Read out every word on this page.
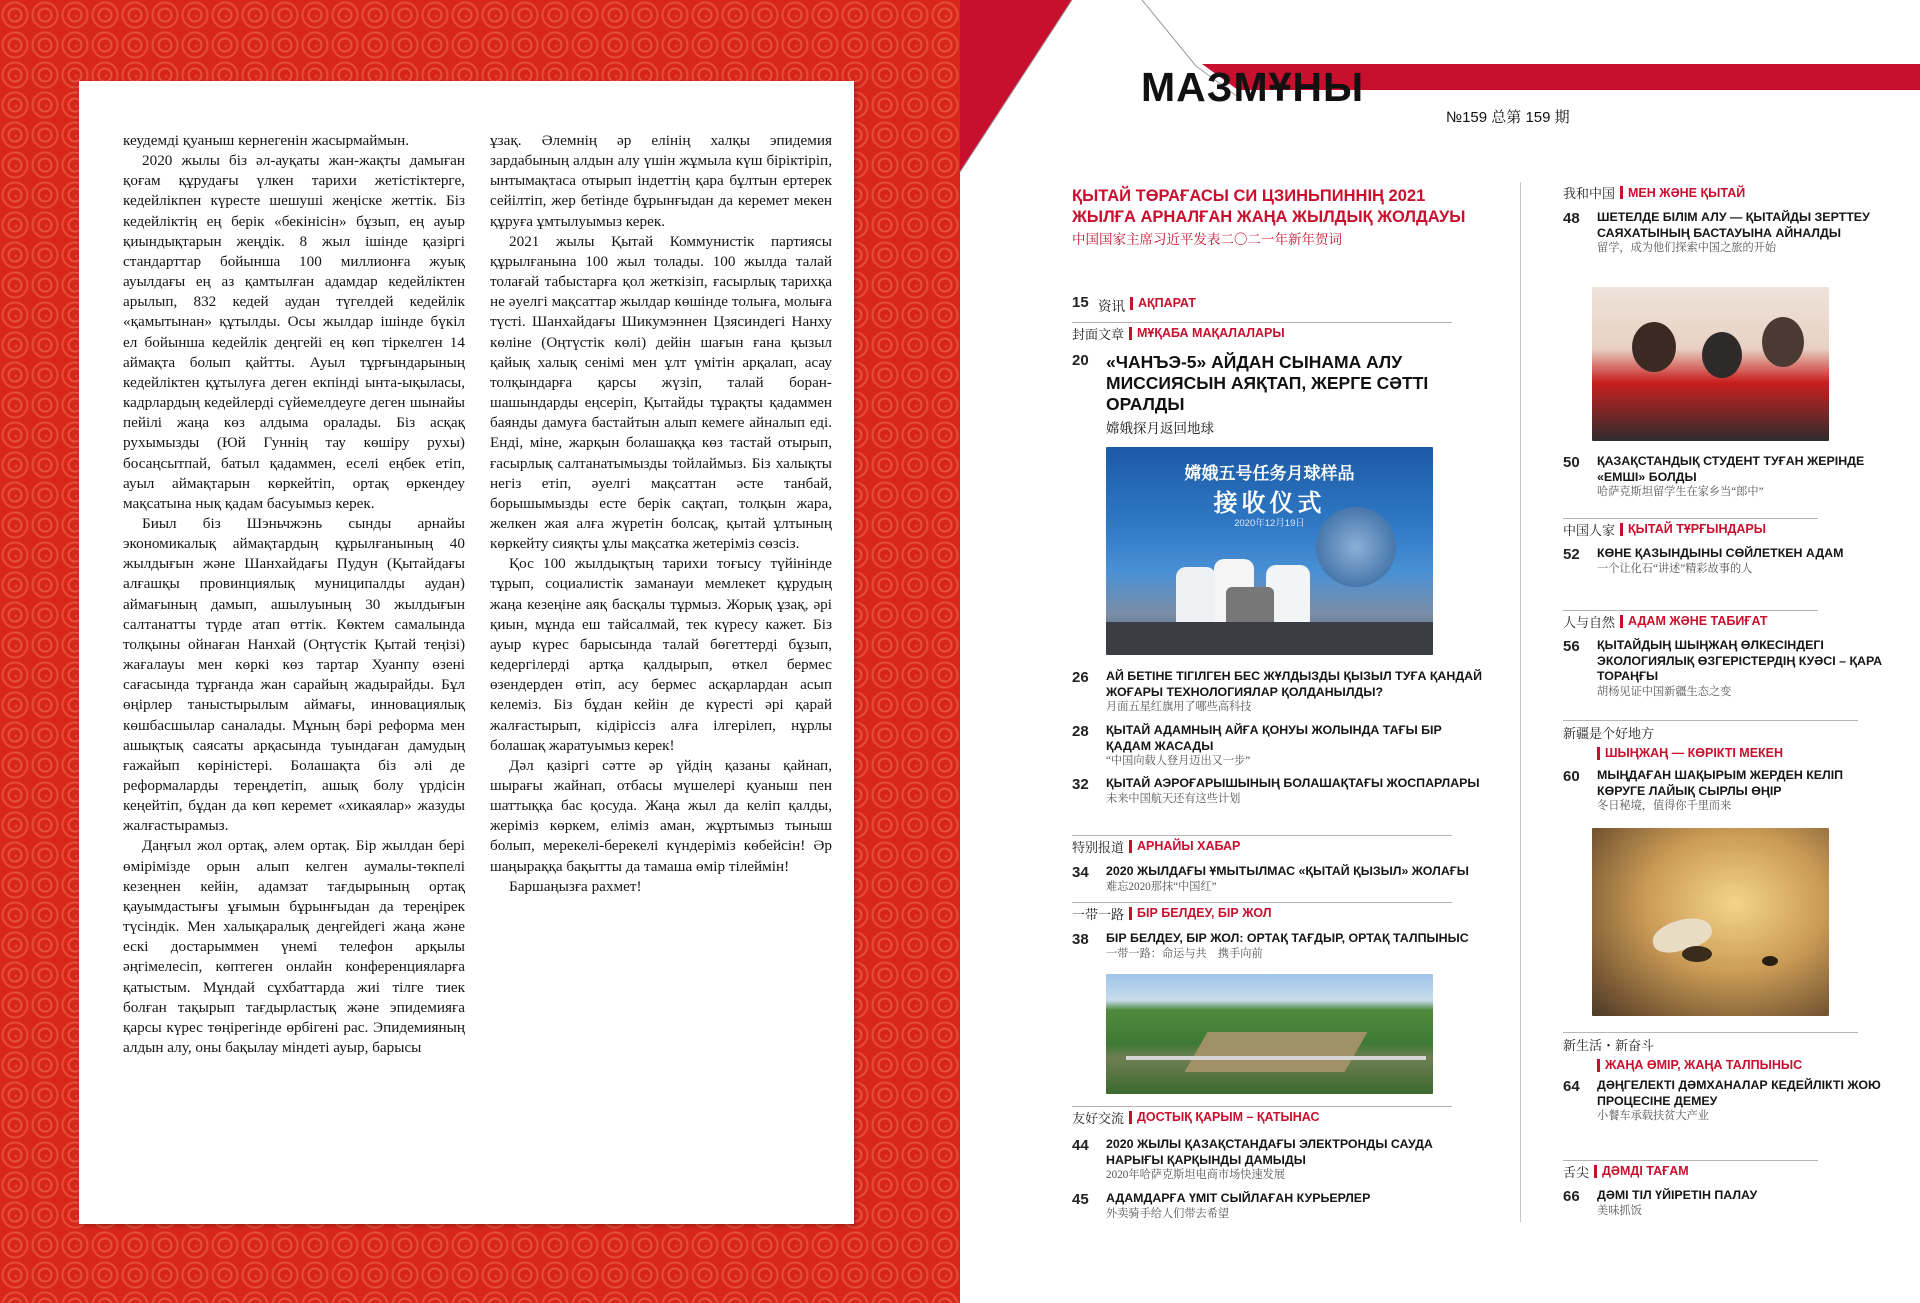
кеудемді қуаныш кернегенін жасырмаймын.

2020 жылы біз әл-ауқаты жан-жақты дамыған қоғам құрудағы үлкен тарихи жетістіктерге, кедейлікпен күресте шешуші жеңіске жеттік. Біз кедейліктің ең берік «бекініcін» бұзып, ең ауыр қиындықтарын жеңдік. 8 жыл ішінде қазіргі стандарттар бойынша 100 миллионға жуық ауылдағы ең аз қамтылған адамдар кедейліктен арылып, 832 кедей аудан түгелдей кедейлік «қамытынан» құтылды. Осы жылдар ішінде бүкіл ел бойынша кедейлік деңгейі ең көп тіркелген 14 аймақта болып қайтты. Ауыл тұрғындарының кедейліктен құтылуға деген екпінді ынта-ықыласы, кадрлардың кедейлерді сүйемелдеуге деген шынайы пейілі жаңа көз алдыма оралады. Біз асқақ рухымызды (Юй Гуннің тау көшіру рухы) босаңсытпай, батыл қадаммен, еселі еңбек етіп, ауыл аймақтарын көркейтіп, ортақ өркендеу мақсатына нық қадам басуымыз керек.

Биыл біз Шэньчжэнь сынды арнайы экономикалық аймақтардың құрылғанының 40 жылдығын және Шанхайдағы Пудун (Қытайдағы алғашқы провинциялық муниципалды аудан) аймағының дамып, ашылуының 30 жылдығын салтанатты түрде атап өттік. Көктем самалында толқыны ойнаған Нанхай (Оңтүстік Қытай теңізі) жағалауы мен көркі көз тартар Хуанпу өзені сағасында тұрғанда жан сарайың жадырайды. Бұл өңірлер таныстырылым аймағы, инновациялық көшбасшылар саналады. Мұның бәрі реформа мен ашықтық саясаты арқасында туындаған дамудың ғажайып көріністері. Болашақта біз әлі де реформаларды тереңдетіп, ашық болу үрдісін кеңейтіп, бұдан да көп керемет «хикаялар» жазуды жалғастырамыз.

Даңғыл жол ортақ, әлем ортақ. Бір жылдан бері өмірімізде орын алып келген аумалы-төкпелі кезеңнен кейін, адамзат тағдырының ортақ қауымдастығы ұғымын бұрынғыдан да тереңірек түсіндік. Мен халықаралық деңгейдегі жаңа және ескі достарыммен үнемі телефон арқылы әңгімелесіп, көптеген онлайн конференцияларға қатыстым. Мұндай сұхбаттарда жиі тілге тиек болған тақырып тағдырластық және эпидемияға қарсы күрес төңірегінде өрбігені рас. Эпидемияның алдын алу, оны бақылау міндеті ауыр, барысы

ұзақ. Әлемнің әр елінің халқы эпидемия зардабының алдын алу үшін жұмыла күш біріктіріп, ынтымақтаса отырып індеттің қара бұлтын ертерек сейілтіп, жер бетінде бұрынғыдан да керемет мекен құруға ұмтылуымыз керек.

2021 жылы Қытай Коммунистік партиясы құрылғанына 100 жыл толады. 100 жылда талай толағай табыстарға қол жеткізіп, ғасырлық тарихқа не әуелгі мақсаттар жылдар көшінде толыға, молыға түсті. Шанхайдағы Шикумэннен Цзясиндегі Нанху көліне (Оңтүстік көлі) дейін шағын ғана қызыл қайық халық сенімі мен ұлт үмітін арқалап, асау толқындарға қарсы жүзіп, талай боран-шашындарды еңсеріп, Қытайды тұрақты қадаммен баянды дамуға бастайтын алып кемеге айналып еді. Енді, міне, жарқын болашаққа көз тастай отырып, ғасырлық салтанатымызды тойлаймыз. Біз халықты негіз етіп, әуелгі мақсаттан әсте танбай, борышымызды есте берік сақтап, толқын жара, желкен жая алға жүретін болсақ, қытай ұлтының көркейту сияқты ұлы мақсатка жетеріміз сөзсіз.

Қос 100 жылдықтың тарихи тоғысу түйінінде тұрып, социалистік заманауи мемлекет құрудың жаңа кезеңіне аяқ басқалы тұрмыз. Жорық ұзақ, әрі қиын, мұнда еш тайсалмай, тек күресу кажет. Біз ауыр күрес барысында талай бөгеттерді бұзып, кедергілерді артқа қалдырып, өткел бермес өзендерден өтіп, асу бермес асқарлардан асып келеміз. Біз бұдан кейін де күресті әрі қарай жалғастырып, кідіріссіз алға ілгерілеп, нұрлы болашақ жаратуымыз керек!

Дәл қазіргі сәтте әр үйдің қазаны қайнап, шырағы жайнап, отбасы мүшелері қуаныш пен шаттыққа бас қосуда. Жаңа жыл да келіп қалды, жеріміз көркем, еліміз аман, жұртымыз тыныш болып, мерекелі-берекелі күндерiміз көбейсін! Әр шаңыраққа бақытты да тамаша өмір тілеймін!

Баршаңызға рахмет!

МАЗМҰНЫ
№159 总第 159 期
ҚЫТАЙ ТӨРАҒАСЫ СИ ЦЗИНЬПИННІҢ 2021 ЖЫЛҒА АРНАЛҒАН ЖАҢА ЖЫЛДЫҚ ЖОЛДАУЫ
中国国家主席习近平发表二〇二一年新年贺词
15 资讯 АҚПАРАТ
封面文章 МҰҚАБА МАҚАЛАЛАРЫ
20 «ЧАНЪЭ-5» АЙДАН СЫНАМА АЛУ МИССИЯСЫН АЯҚТАП, ЖЕРГЕ СӘТТІ ОРАЛДЫ
嫦娥探月返回地球
嫦娥五号任务月球样品
接收仪式
2020年12月19日
26	АЙ БЕТІНЕ ТІГІЛГЕН БЕС ЖҰЛДЫЗДЫ ҚЫЗЫЛ ТУҒА ҚАНДАЙ ЖОҒАРЫ ТЕХНОЛОГИЯЛАР ҚОЛДАНЫЛДЫ?
月面五星红旗用了哪些高科技
28	ҚЫТАЙ АДАМНЫҢ АЙҒА ҚОНУЫ ЖОЛЫНДА ТАҒЫ БІР ҚАДАМ ЖАСАДЫ
“中国向载人登月迈出又一步”
32	ҚЫТАЙ АЭРОҒАРЫШЫНЫҢ БОЛАШАҚТАҒЫ ЖОСПАРЛАРЫ
未来中国航天还有这些计划
特别报道 АРНАЙЫ ХАБАР
34	2020 ЖЫЛДАҒЫ ҰМЫТЫЛМАС «ҚЫТАЙ ҚЫЗЫЛ» ЖОЛАҒЫ
难忘2020那抹“中国红”
一带一路 БІР БЕЛДЕУ, БІР ЖОЛ
38	БІР БЕЛДЕУ, БІР ЖОЛ: ОРТАҚ ТАҒДЫР, ОРТАҚ ТАЛПЫНЫС
一带一路：命运与共　携手向前
友好交流 ДОСТЫҚ ҚАРЫМ – ҚАТЫНАС
44	2020 ЖЫЛЫ ҚАЗАҚСТАНДАҒЫ ЭЛЕКТРОНДЫ САУДА НАРЫҒЫ ҚАРҚЫНДЫ ДАМЫДЫ
2020年哈萨克斯坦电商市场快速发展
45	АДАМДАРҒА ҮМІТ СЫЙЛАҒАН КУРЬЕРЛЕР
外卖骑手给人们带去希望
我和中国 МЕН ЖӘНЕ ҚЫТАЙ
48	ШЕТЕЛДЕ БІЛІМ АЛУ — ҚЫТАЙДЫ ЗЕРТТЕУ САЯХАТЫНЫҢ БАСТАУЫНА АЙНАЛДЫ
留学，成为他们探索中国之旅的开始
50	ҚАЗАҚСТАНДЫҚ СТУДЕНТ ТУҒАН ЖЕРІНДЕ «ЕМШІ» БОЛДЫ
哈萨克斯坦留学生在家乡当“郎中”
中国人家 ҚЫТАЙ ТҰРҒЫНДАРЫ
52	КӨНЕ ҚАЗЫНДЫНЫ СӨЙЛЕТКЕН АДАМ
一个让化石“讲述”精彩故事的人
人与自然 АДАМ ЖӘНЕ ТАБИҒАТ
56	ҚЫТАЙДЫҢ ШЫҢЖАҢ ӨЛКЕСІНДЕГІ ЭКОЛОГИЯЛЫҚ ӨЗГЕРІСТЕРДІҢ КУӘСІ – ҚАРА ТОРАҢҒЫ
胡杨见证中国新疆生态之变
新疆是个好地方
ШЫҢЖАҢ — КӨРІКТІ МЕКЕН
60	МЫҢДАҒАН ШАҚЫРЫМ ЖЕРДЕН КЕЛІП КӨРУГЕ ЛАЙЫҚ СЫРЛЫ ӨҢІР
冬日秘境，值得你千里而来
新生活・新奋斗
ЖАҢА ӨМІР, ЖАҢА ТАЛПЫНЫС
64	ДӘҢГЕЛЕКТІ ДӘМХАНАЛАР КЕДЕЙЛІКТІ ЖОЮ ПРОЦЕСІНЕ ДЕМЕУ
小餐车承载扶贫大产业
舌尖 ДӘМДІ ТАҒАМ
66	ДӘМІ ТІЛ ҮЙІРЕТІН ПАЛАУ
美味抓饭
